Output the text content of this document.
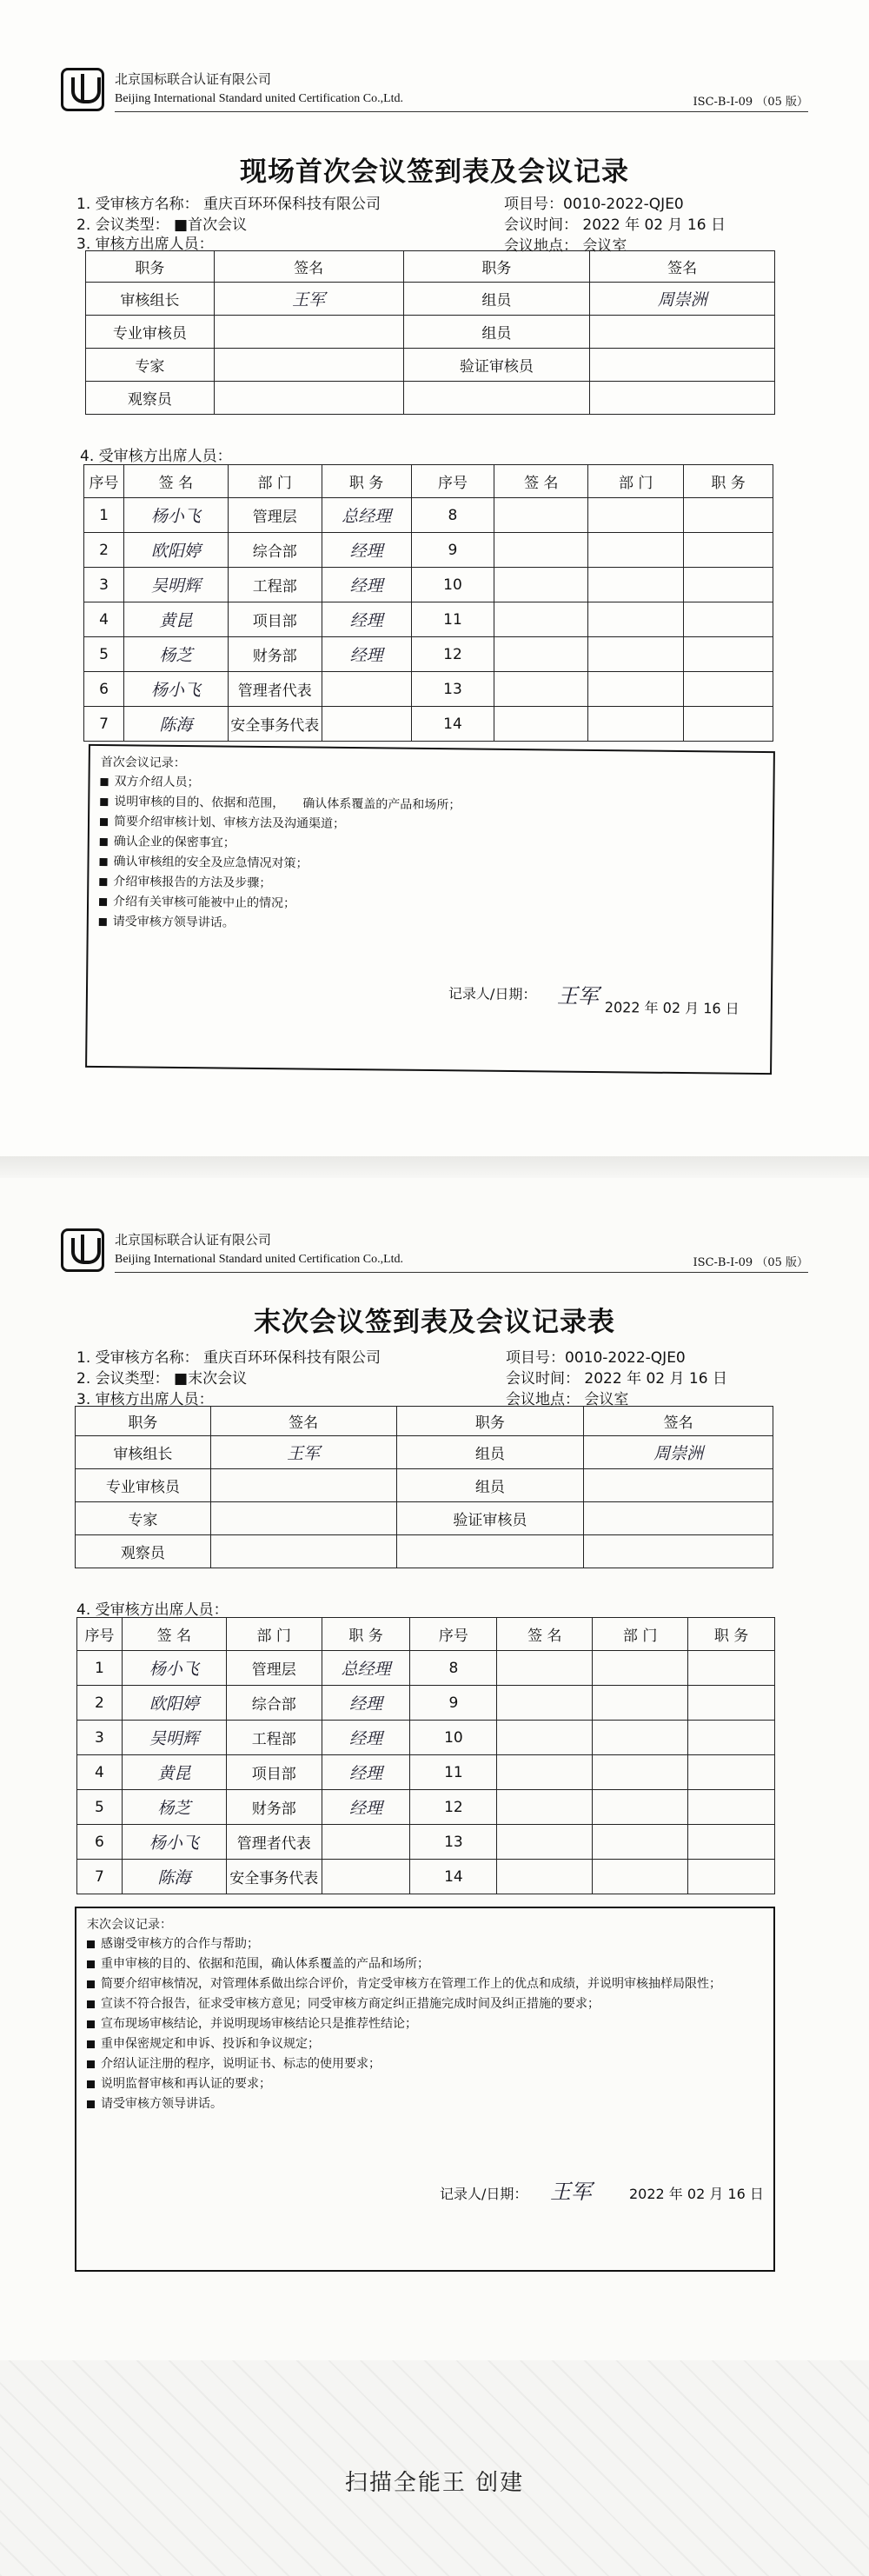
北京国标联合认证有限公司
Beijing International Standard united Certification Co.,Ltd.	ISC-B-I-09 （05 版）
现场首次会议签到表及会议记录
1. 受审核方名称： 重庆百环环保科技有限公司	项目号：0010-2022-QJE0
2. 会议类型： ■首次会议	会议时间： 2022 年 02 月 16 日
3. 审核方出席人员：	会议地点： 会议室
职务	签名	职务	签名
审核组长	王军	组员	周崇洲
专业审核员		组员	
专家		验证审核员	
观察员			
4. 受审核方出席人员：
序号	签 名	部 门	职 务	序号	签 名	部 门	职 务
1	杨小飞	管理层	总经理	8			
2	欧阳婷	综合部	经理	9			
3	吴明辉	工程部	经理	10			
4	黄昆	项目部	经理	11			
5	杨芝	财务部	经理	12			
6	杨小飞	管理者代表		13			
7	陈海	安全事务代表		14			
首次会议记录：
双方介绍人员；
说明审核的目的、依据和范围，　　确认体系覆盖的产品和场所；
简要介绍审核计划、审核方法及沟通渠道；
确认企业的保密事宜；
确认审核组的安全及应急情况对策；
介绍审核报告的方法及步骤；
介绍有关审核可能被中止的情况；
请受审核方领导讲话。
记录人/日期： 王军 2022 年 02 月 16 日
北京国标联合认证有限公司
Beijing International Standard united Certification Co.,Ltd.	ISC-B-I-09 （05 版）
末次会议签到表及会议记录表
1. 受审核方名称： 重庆百环环保科技有限公司	项目号：0010-2022-QJE0
2. 会议类型： ■末次会议	会议时间： 2022 年 02 月 16 日
3. 审核方出席人员：	会议地点： 会议室
职务	签名	职务	签名
审核组长	王军	组员	周崇洲
专业审核员		组员	
专家		验证审核员	
观察员			
4. 受审核方出席人员：
序号	签 名	部 门	职 务	序号	签 名	部 门	职 务
1	杨小飞	管理层	总经理	8			
2	欧阳婷	综合部	经理	9			
3	吴明辉	工程部	经理	10			
4	黄昆	项目部	经理	11			
5	杨芝	财务部	经理	12			
6	杨小飞	管理者代表		13			
7	陈海	安全事务代表		14			
末次会议记录：
感谢受审核方的合作与帮助；
重申审核的目的、依据和范围，确认体系覆盖的产品和场所；
简要介绍审核情况，对管理体系做出综合评价，肯定受审核方在管理工作上的优点和成绩，并说明审核抽样局限性；
宣读不符合报告，征求受审核方意见；同受审核方商定纠正措施完成时间及纠正措施的要求；
宣布现场审核结论，并说明现场审核结论只是推荐性结论；
重申保密规定和申诉、投诉和争议规定；
介绍认证注册的程序，说明证书、标志的使用要求；
说明监督审核和再认证的要求；
请受审核方领导讲话。
记录人/日期： 王军	2022 年 02 月 16 日
扫描全能王 创建
